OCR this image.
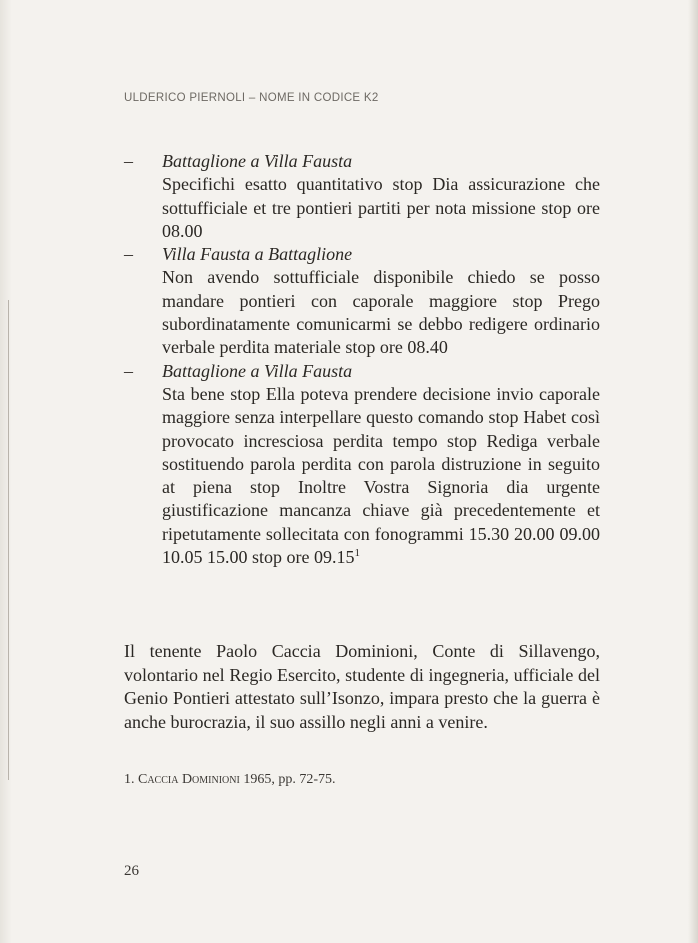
ULDERICO PIERNOLI – NOME IN CODICE K2
–	Battaglione a Villa Fausta
Specifichi esatto quantitativo stop Dia assicurazione che sottufficiale et tre pontieri partiti per nota missione stop ore 08.00
–	Villa Fausta a Battaglione
Non avendo sottufficiale disponibile chiedo se posso mandare pontieri con caporale maggiore stop Prego subordinatamente comunicarmi se debbo redigere ordinario verbale perdita materiale stop ore 08.40
–	Battaglione a Villa Fausta
Sta bene stop Ella poteva prendere decisione invio caporale maggiore senza interpellare questo comando stop Habet così provocato incresciosa perdita tempo stop Rediga verbale sostituendo parola perdita con parola distruzione in seguito at piena stop Inoltre Vostra Signoria dia urgente giustificazione mancanza chiave già precedentemente et ripetutamente sollecitata con fonogrammi 15.30 20.00 09.00 10.05 15.00 stop ore 09.15$^1$

Il tenente Paolo Caccia Dominioni, Conte di Sillavengo, volontario nel Regio Esercito, studente di ingegneria, ufficiale del Genio Pontieri attestato sull’Isonzo, impara presto che la guerra è anche burocrazia, il suo assillo negli anni a venire.

1. Caccia Dominioni 1965, pp. 72-75.
26
